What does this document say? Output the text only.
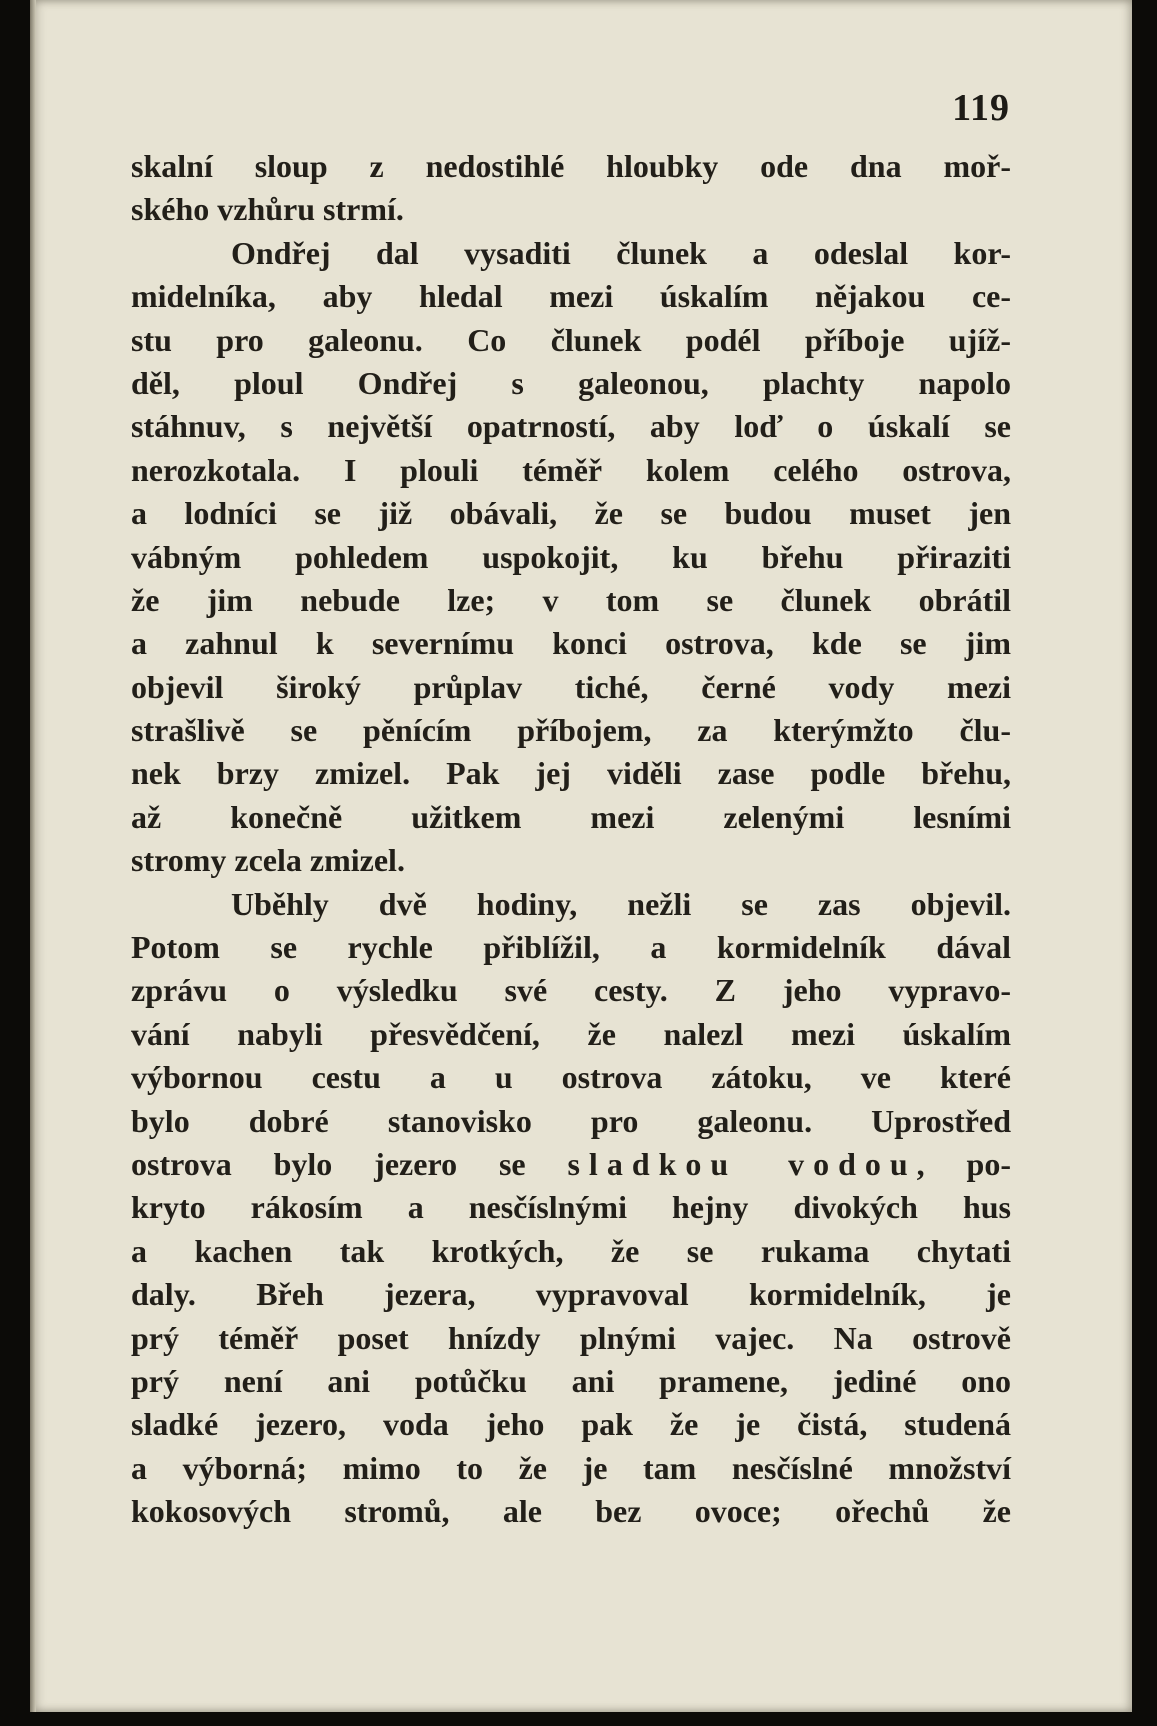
119
skalní sloup z nedostihlé hloubky ode dna moř-
ského vzhůru strmí.
Ondřej dal vysaditi člunek a odeslal kor-
midelníka, aby hledal mezi úskalím nějakou ce-
stu pro galeonu. Co člunek podél příboje ujíž-
děl, ploul Ondřej s galeonou, plachty napolo
stáhnuv, s největší opatrností, aby loď o úskalí se
nerozkotala. I plouli téměř kolem celého ostrova,
a lodníci se již obávali, že se budou muset jen
vábným pohledem uspokojit, ku břehu přiraziti
že jim nebude lze; v tom se člunek obrátil
a zahnul k severnímu konci ostrova, kde se jim
objevil široký průplav tiché, černé vody mezi
strašlivě se pěnícím příbojem, za kterýmžto člu-
nek brzy zmizel. Pak jej viděli zase podle břehu,
až konečně užitkem mezi zelenými lesními
stromy zcela zmizel.
Uběhly dvě hodiny, nežli se zas objevil.
Potom se rychle přiblížil, a kormidelník dával
zprávu o výsledku své cesty. Z jeho vypravo-
vání nabyli přesvědčení, že nalezl mezi úskalím
výbornou cestu a u ostrova zátoku, ve které
bylo dobré stanovisko pro galeonu. Uprostřed
ostrova bylo jezero se sladkou vodou, po-
kryto rákosím a nesčíslnými hejny divokých hus
a kachen tak krotkých, že se rukama chytati
daly. Břeh jezera, vypravoval kormidelník, je
prý téměř poset hnízdy plnými vajec. Na ostrově
prý není ani potůčku ani pramene, jediné ono
sladké jezero, voda jeho pak že je čistá, studená
a výborná; mimo to že je tam nesčíslné množství
kokosových stromů, ale bez ovoce; ořechů že
